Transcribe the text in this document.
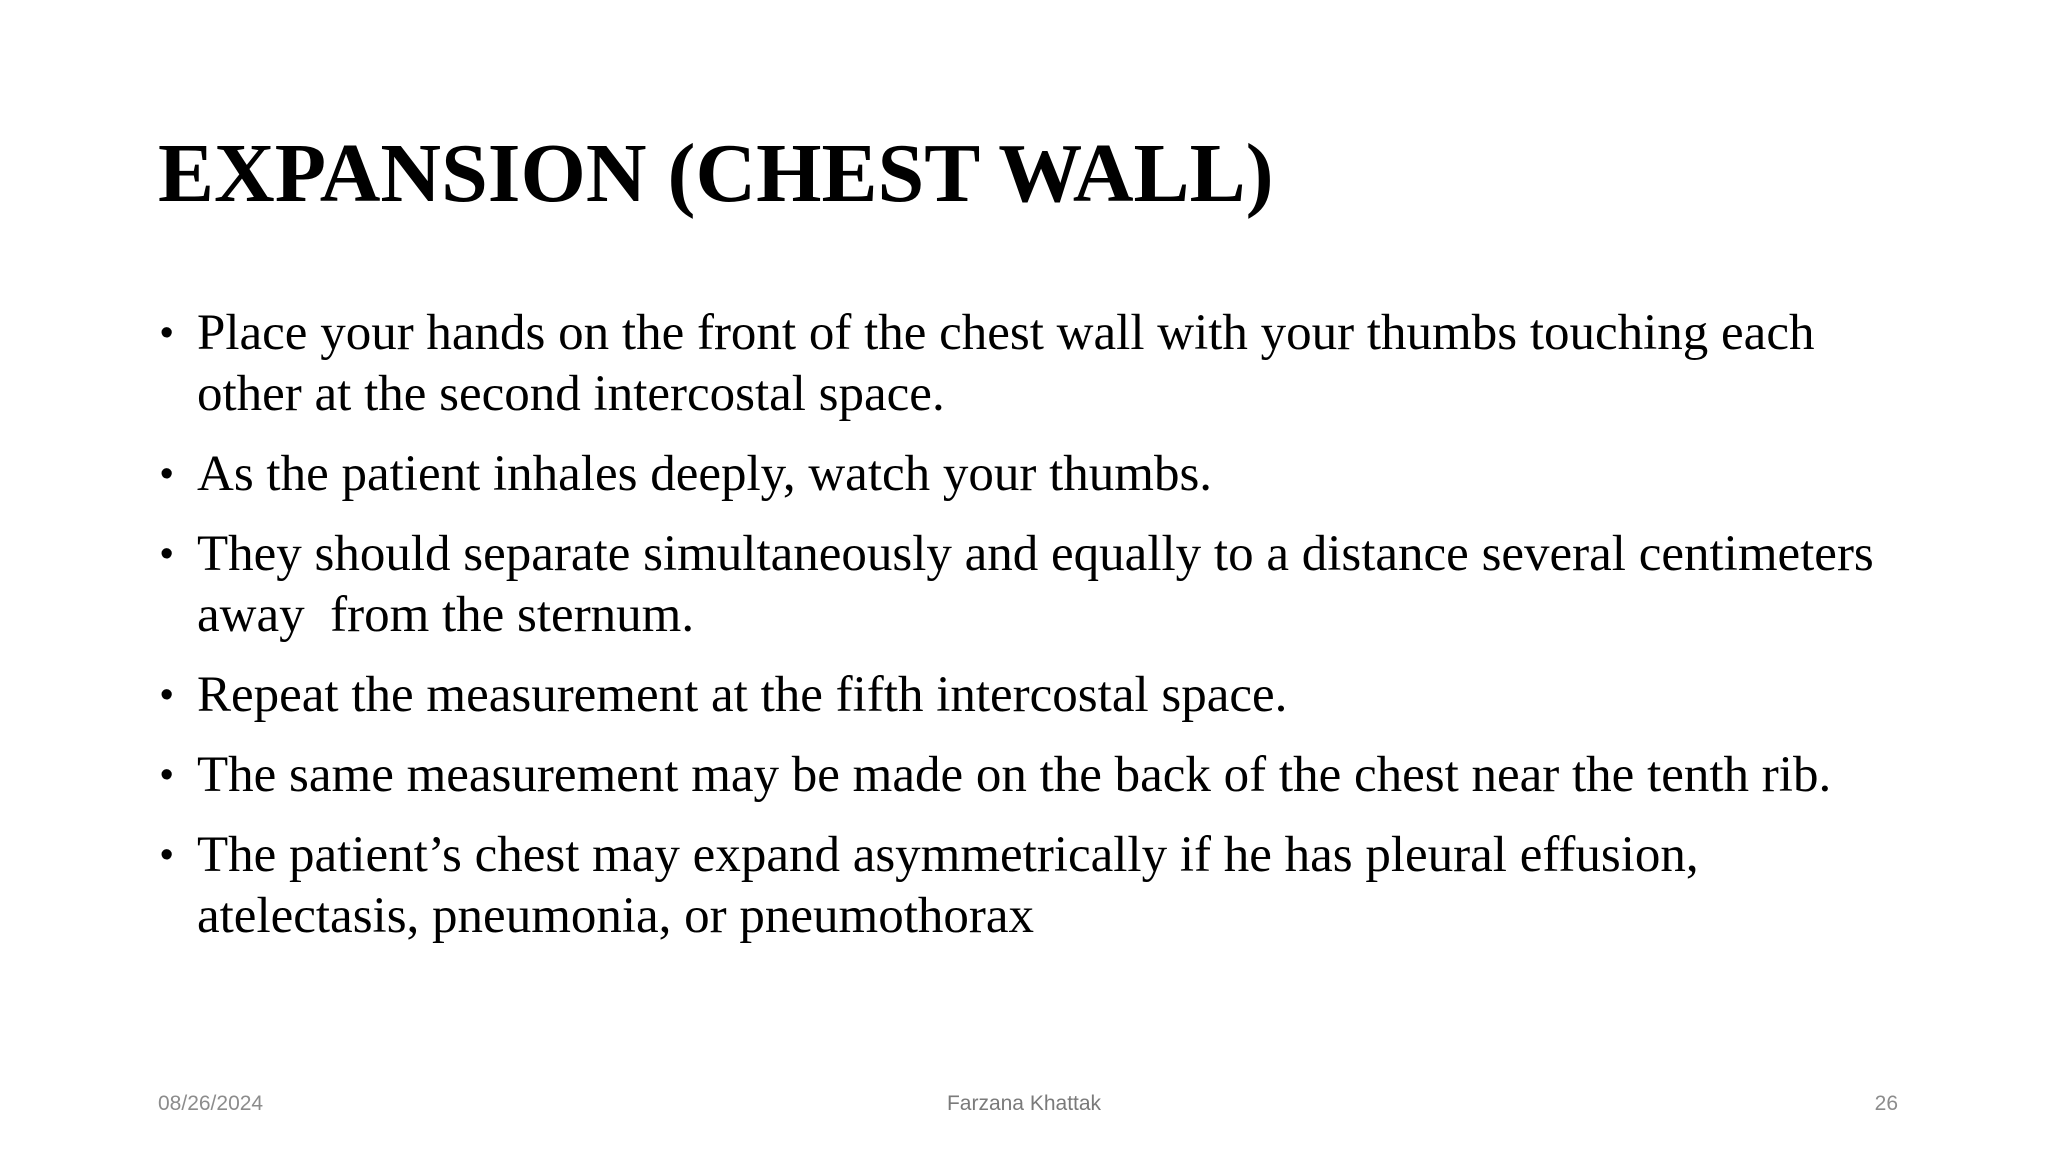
EXPANSION (CHEST WALL)
• Place your hands on the front of the chest wall with your thumbs touching each other at the second intercostal space.
• As the patient inhales deeply, watch your thumbs.
• They should separate simultaneously and equally to a distance several centimeters away  from the sternum.
• Repeat the measurement at the fifth intercostal space.
• The same measurement may be made on the back of the chest near the tenth rib.
• The patient’s chest may expand asymmetrically if he has pleural effusion, atelectasis, pneumonia, or pneumothorax
08/26/2024	Farzana Khattak	26
